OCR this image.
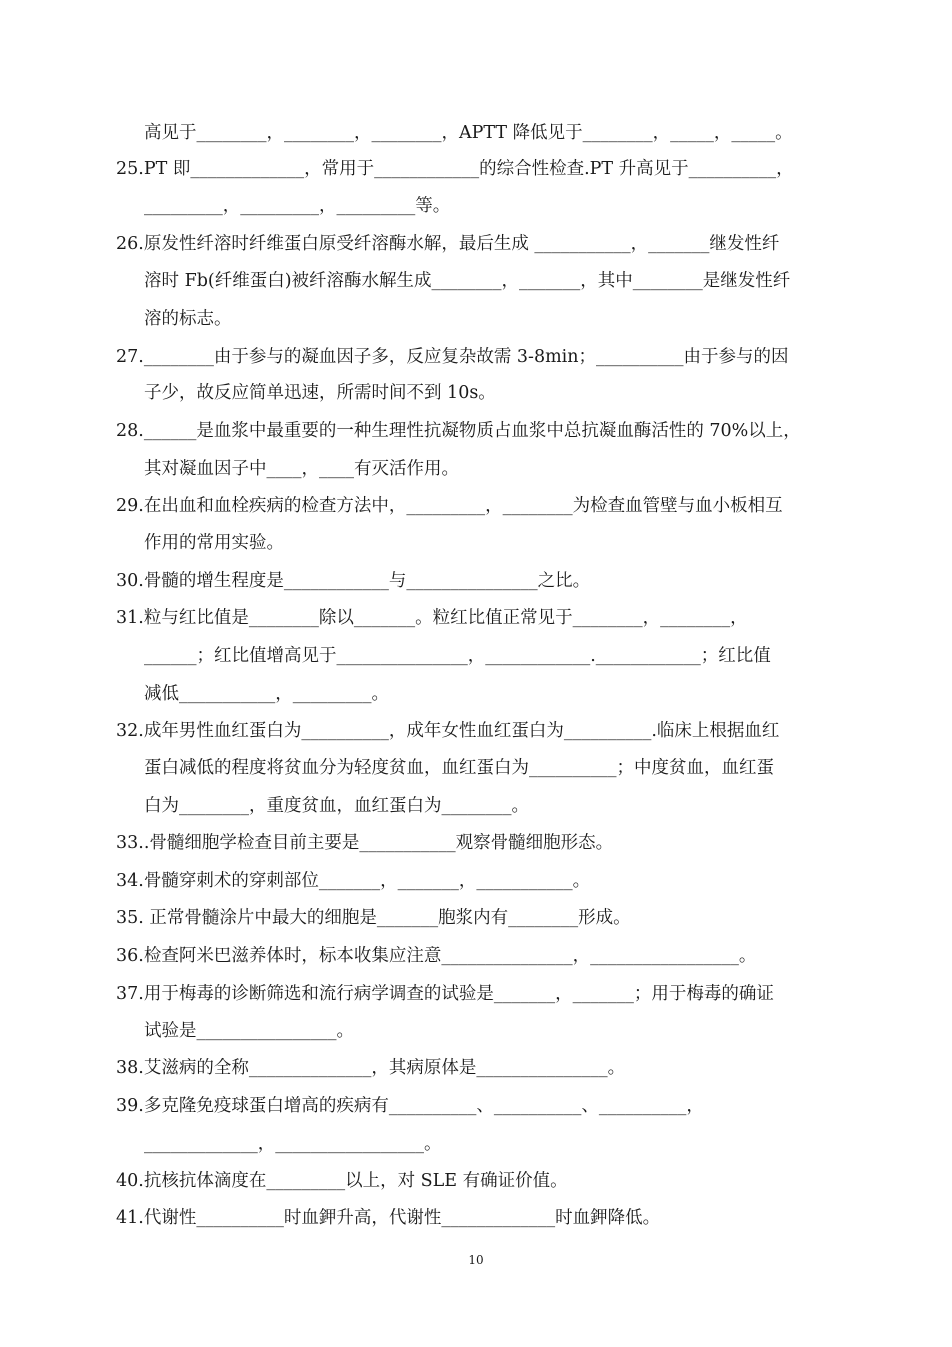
高见于________，________，________，APTT 降低见于________，_____，_____。
25.PT 即_____________，常用于____________的综合性检查.PT 升高见于__________，
_________，_________，_________等。
26.原发性纤溶时纤维蛋白原受纤溶酶水解，最后生成 ___________，_______继发性纤
溶时 Fb(纤维蛋白)被纤溶酶水解生成________，_______，其中________是继发性纤
溶的标志。
27.________由于参与的凝血因子多，反应复杂故需 3-8min；__________由于参与的因
子少，故反应简单迅速，所需时间不到 10s。
28.______是血浆中最重要的一种生理性抗凝物质占血浆中总抗凝血酶活性的 70%以上，
其对凝血因子中____，____有灭活作用。
29.在出血和血栓疾病的检查方法中，_________，________为检查血管壁与血小板相互
作用的常用实验。
30.骨髓的增生程度是____________与_______________之比。
31.粒与红比值是________除以_______。粒红比值正常见于________，________，
______；红比值增高见于_______________，____________.____________；红比值
减低___________，_________。
32.成年男性血红蛋白为__________，成年女性血红蛋白为__________.临床上根据血红
蛋白减低的程度将贫血分为轻度贫血，血红蛋白为__________；中度贫血，血红蛋
白为________，重度贫血，血红蛋白为________。
33..骨髓细胞学检查目前主要是___________观察骨髓细胞形态。
34.骨髓穿刺术的穿刺部位_______，_______，___________。
35. 正常骨髓涂片中最大的细胞是_______胞浆内有________形成。
36.检查阿米巴滋养体时，标本收集应注意_______________，_________________。
37.用于梅毒的诊断筛选和流行病学调查的试验是_______，_______；用于梅毒的确证
试验是________________。
38.艾滋病的全称______________，其病原体是_______________。
39.多克隆免疫球蛋白增高的疾病有__________、__________、__________，
_____________，_________________。
40.抗核抗体滴度在_________以上，对 SLE 有确证价值。
41.代谢性__________时血鉀升高，代谢性_____________时血鉀降低。
10
